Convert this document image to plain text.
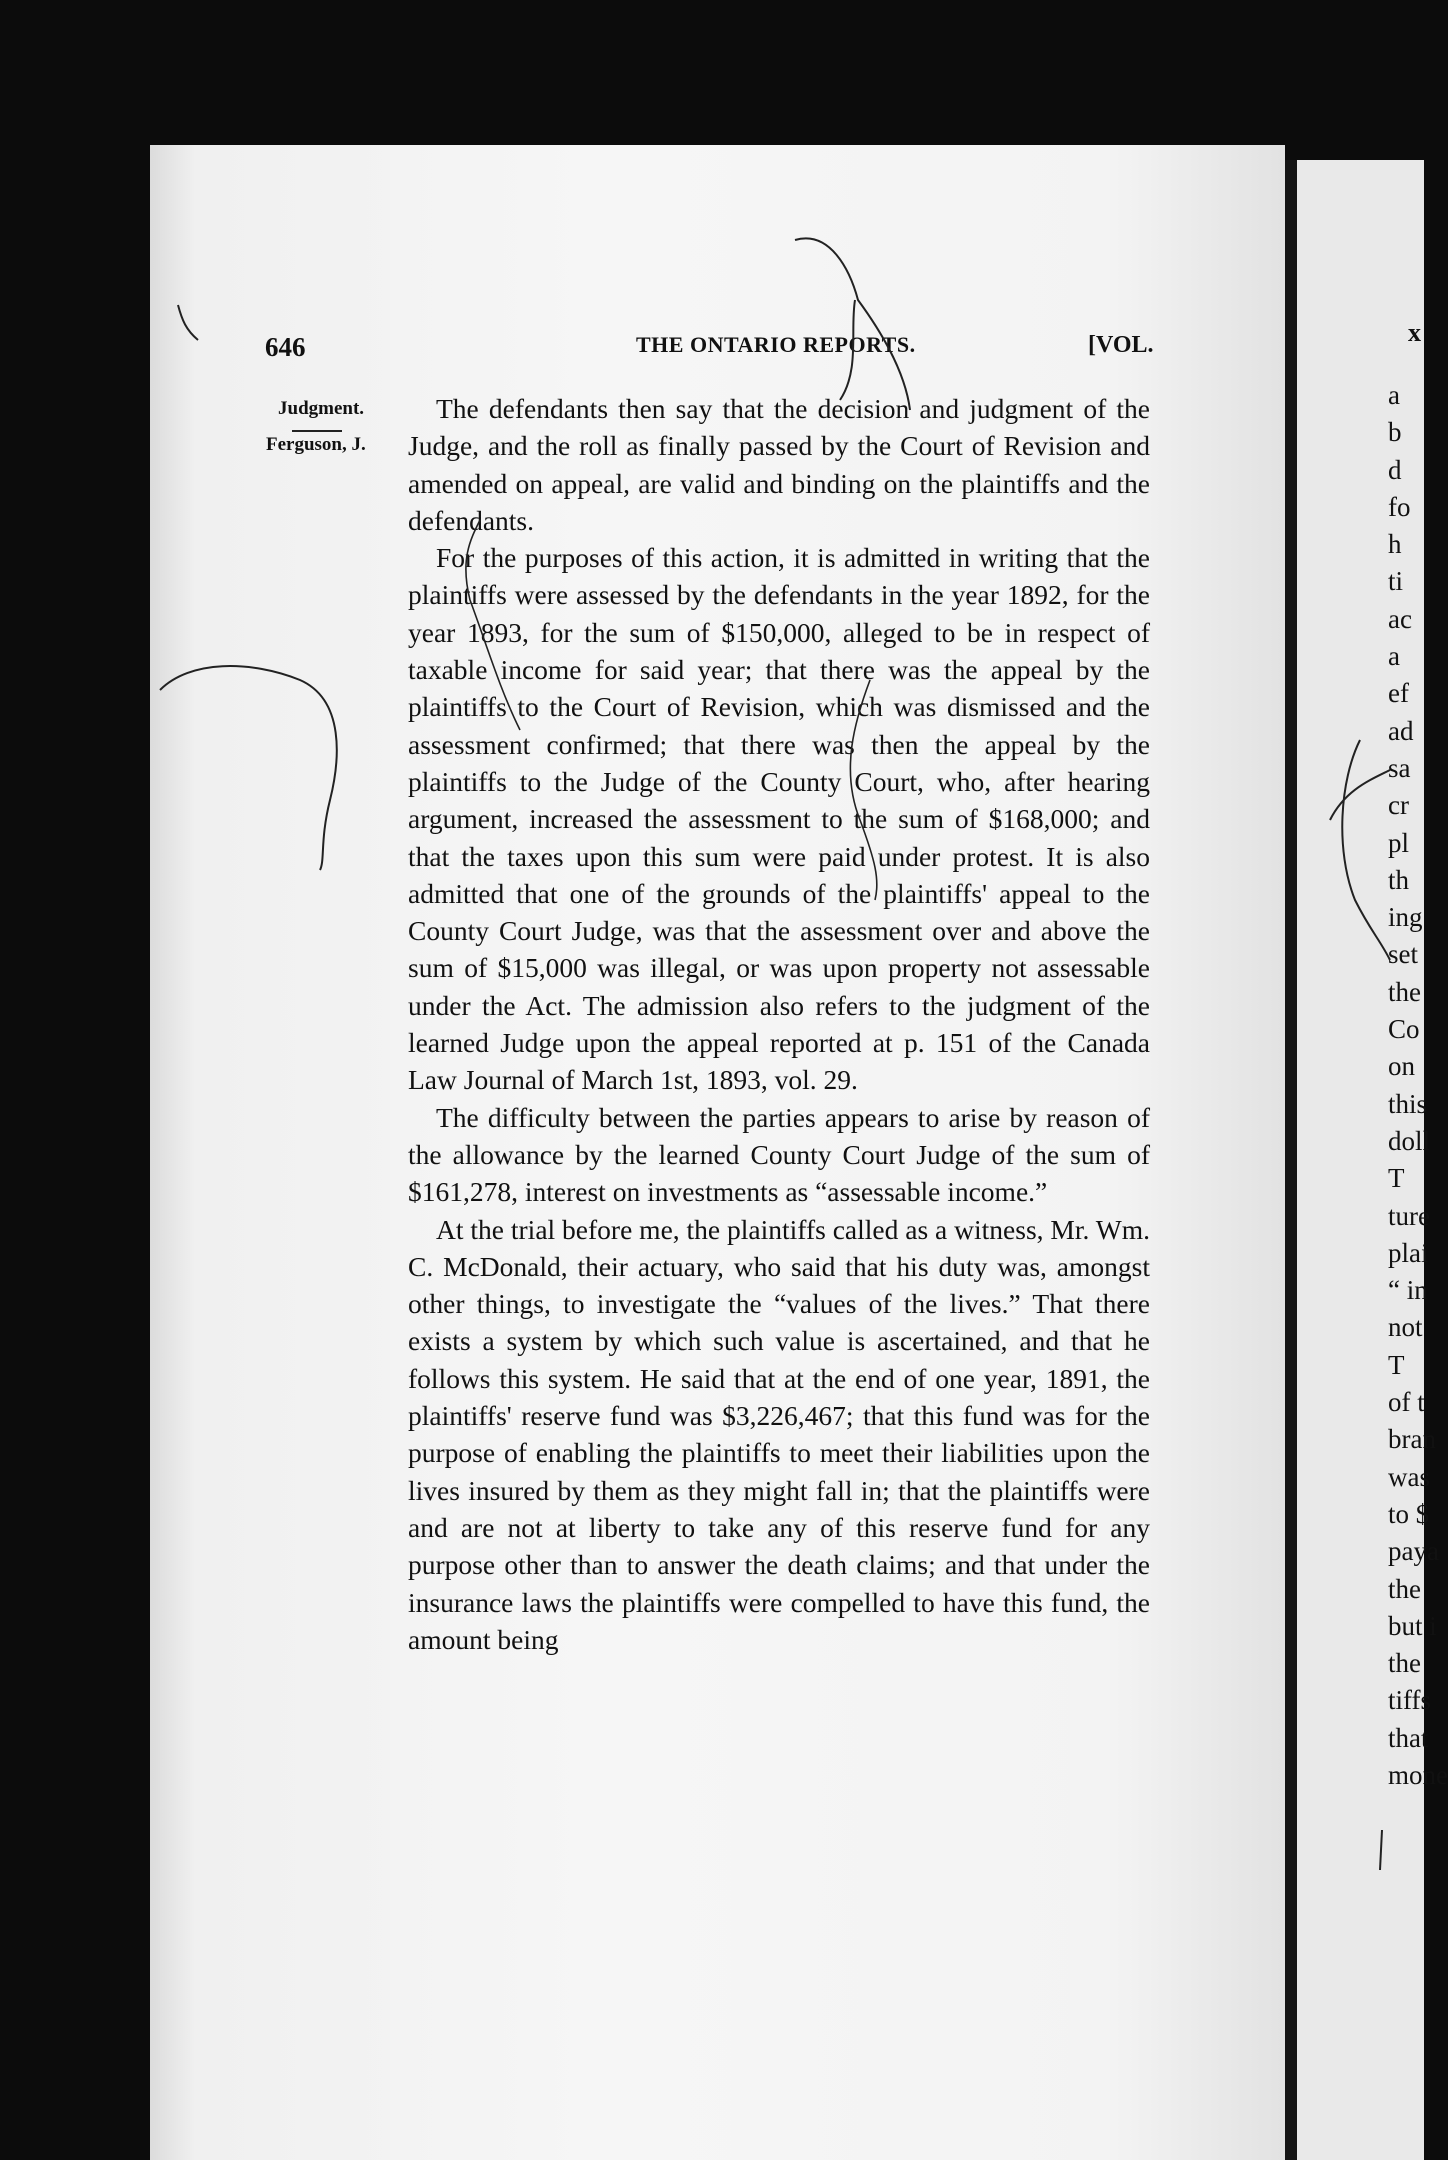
646	THE ONTARIO REPORTS.	[VOL.
Judgment.
Ferguson, J.

The defendants then say that the decision and judgment of the Judge, and the roll as finally passed by the Court of Revision and amended on appeal, are valid and binding on the plaintiffs and the defendants.

For the purposes of this action, it is admitted in writing that the plaintiffs were assessed by the defendants in the year 1892, for the year 1893, for the sum of $150,000, alleged to be in respect of taxable income for said year; that there was the appeal by the plaintiffs to the Court of Revision, which was dismissed and the assessment confirmed; that there was then the appeal by the plaintiffs to the Judge of the County Court, who, after hearing argument, increased the assessment to the sum of $168,000; and that the taxes upon this sum were paid under protest. It is also admitted that one of the grounds of the plaintiffs' appeal to the County Court Judge, was that the assessment over and above the sum of $15,000 was illegal, or was upon property not assessable under the Act. The admission also refers to the judgment of the learned Judge upon the appeal reported at p. 151 of the Canada Law Journal of March 1st, 1893, vol. 29.

The difficulty between the parties appears to arise by reason of the allowance by the learned County Court Judge of the sum of $161,278, interest on investments as “assessable income.”

At the trial before me, the plaintiffs called as a witness, Mr. Wm. C. McDonald, their actuary, who said that his duty was, amongst other things, to investigate the “values of the lives.” That there exists a system by which such value is ascertained, and that he follows this system. He said that at the end of one year, 1891, the plaintiffs' reserve fund was $3,226,467; that this fund was for the purpose of enabling the plaintiffs to meet their liabilities upon the lives insured by them as they might fall in; that the plaintiffs were and are not at liberty to take any of this reserve fund for any purpose other than to answer the death claims; and that under the insurance laws the plaintiffs were compelled to have this fund, the amount being

x
a
b
d
fo
h
ti
ac
a
ef
ad
sa
cr
pl
th
ing
set
the
Co
on
this
doll
T
ture
plai
“ in
not
T
of t
bran
was
to $
paya
the
but i
the
tiffs
that
mone
